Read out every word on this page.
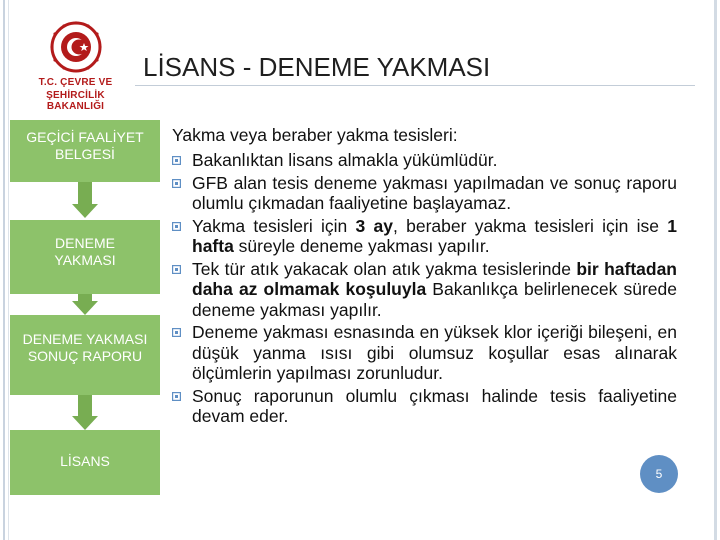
T.C. ÇEVRE VE
ŞEHİRCİLİK BAKANLIĞI
LİSANS - DENEME YAKMASI
GEÇİCİ FAALİYET BELGESİ
DENEME YAKMASI
DENEME YAKMASI SONUÇ RAPORU
LİSANS
Yakma veya beraber yakma tesisleri:
Bakanlıktan lisans almakla yükümlüdür.
GFB alan tesis deneme yakması yapılmadan ve sonuç raporu olumlu çıkmadan faaliyetine başlayamaz.
Yakma tesisleri için 3 ay, beraber yakma tesisleri için ise 1 hafta süreyle deneme yakması yapılır.
Tek tür atık yakacak olan atık yakma tesislerinde bir haftadan daha az olmamak koşuluyla Bakanlıkça belirlenecek sürede deneme yakması yapılır.
Deneme yakması esnasında en yüksek klor içeriği bileşeni, en düşük yanma ısısı gibi olumsuz koşullar esas alınarak ölçümlerin yapılması zorunludur.
Sonuç raporunun olumlu çıkması halinde tesis faaliyetine devam eder.
5
